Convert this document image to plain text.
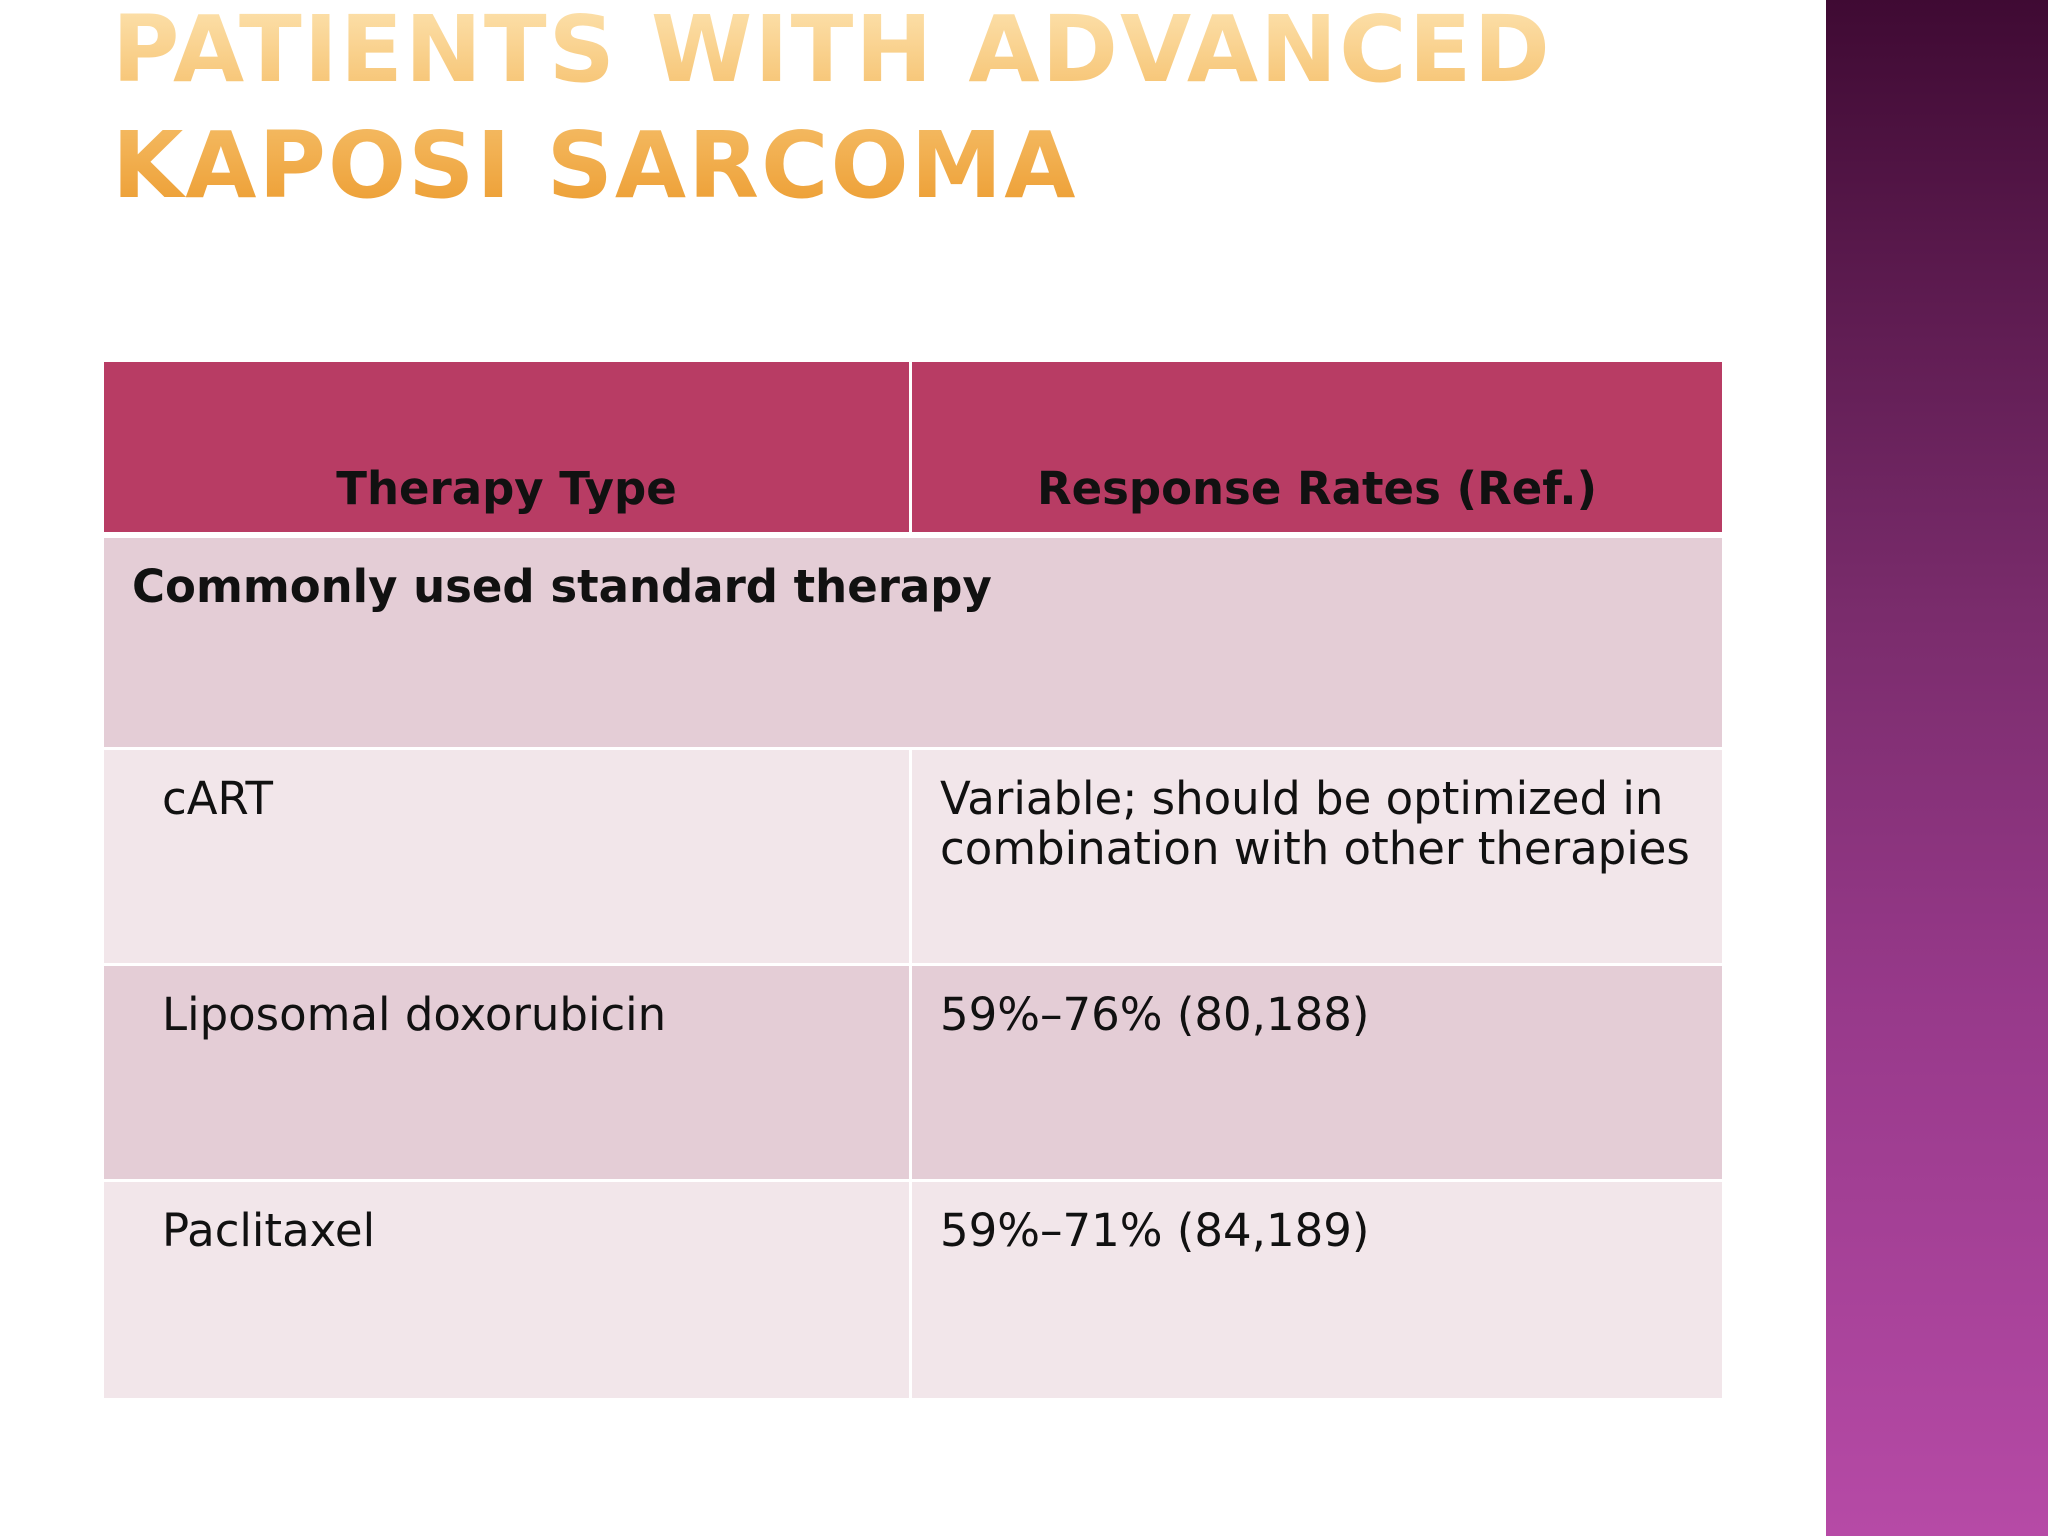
PATIENTS WITH ADVANCED KAPOSI SARCOMA
Therapy Type	Response Rates (Ref.)
Commonly used standard therapy
cART	Variable; should be optimized in combination with other therapies
Liposomal doxorubicin	59%–76% (80,188)
Paclitaxel	59%–71% (84,189)
